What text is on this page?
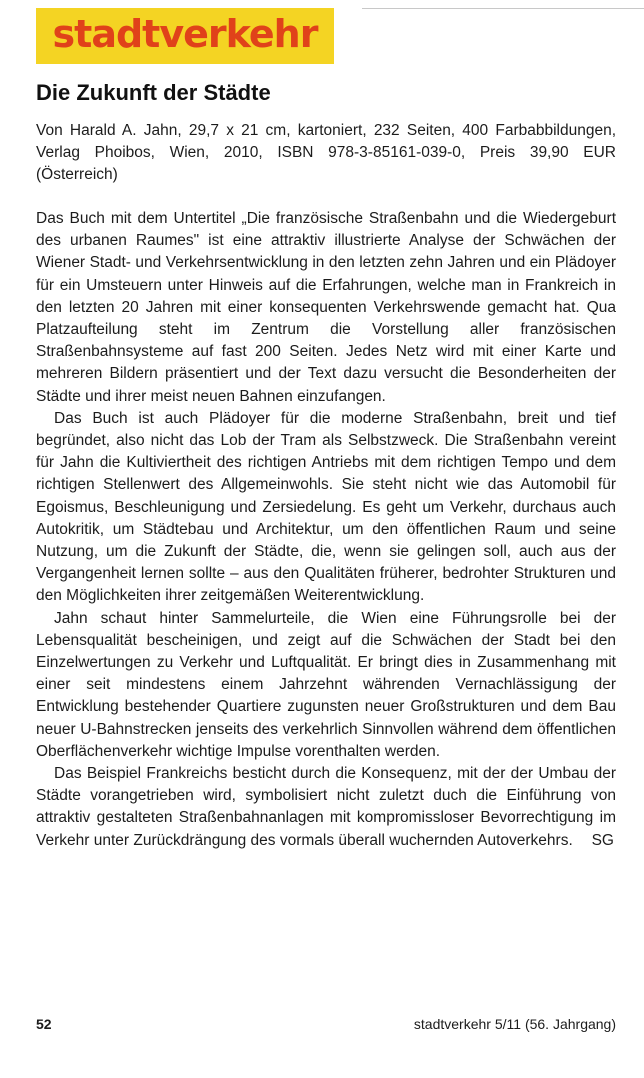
stadtverkehr
Die Zukunft der Städte

Von Harald A. Jahn, 29,7 x 21 cm, kartoniert, 232 Seiten, 400 Farbabbildungen, Verlag Phoibos, Wien, 2010, ISBN 978-3-85161-039-0, Preis 39,90 EUR (Österreich)

Das Buch mit dem Untertitel „Die französische Straßenbahn und die Wiedergeburt des urbanen Raumes" ist eine attraktiv illustrierte Analyse der Schwächen der Wiener Stadt- und Verkehrsentwicklung in den letzten zehn Jahren und ein Plädoyer für ein Umsteuern unter Hinweis auf die Erfahrungen, welche man in Frankreich in den letzten 20 Jahren mit einer konsequenten Verkehrswende gemacht hat. Qua Platzaufteilung steht im Zentrum die Vorstellung aller französischen Straßenbahnsysteme auf fast 200 Seiten. Jedes Netz wird mit einer Karte und mehreren Bildern präsentiert und der Text dazu versucht die Besonderheiten der Städte und ihrer meist neuen Bahnen einzufangen.

Das Buch ist auch Plädoyer für die moderne Straßenbahn, breit und tief begründet, also nicht das Lob der Tram als Selbstzweck. Die Straßenbahn vereint für Jahn die Kultiviertheit des richtigen Antriebs mit dem richtigen Tempo und dem richtigen Stellenwert des Allgemeinwohls. Sie steht nicht wie das Automobil für Egoismus, Beschleunigung und Zersiedelung. Es geht um Verkehr, durchaus auch Autokritik, um Städtebau und Architektur, um den öffentlichen Raum und seine Nutzung, um die Zukunft der Städte, die, wenn sie gelingen soll, auch aus der Vergangenheit lernen sollte – aus den Qualitäten früherer, bedrohter Strukturen und den Möglichkeiten ihrer zeitgemäßen Weiterentwicklung.

Jahn schaut hinter Sammelurteile, die Wien eine Führungsrolle bei der Lebensqualität bescheinigen, und zeigt auf die Schwächen der Stadt bei den Einzelwertungen zu Verkehr und Luftqualität. Er bringt dies in Zusammenhang mit einer seit mindestens einem Jahrzehnt währenden Vernachlässigung der Entwicklung bestehender Quartiere zugunsten neuer Großstrukturen und dem Bau neuer U-Bahnstrecken jenseits des verkehrlich Sinnvollen während dem öffentlichen Oberflächenverkehr wichtige Impulse vorenthalten werden.

Das Beispiel Frankreichs besticht durch die Konsequenz, mit der der Umbau der Städte vorangetrieben wird, symbolisiert nicht zuletzt duch die Einführung von attraktiv gestalteten Straßenbahnanlagen mit kompromissloser Bevorrechtigung im Verkehr unter Zurückdrängung des vormals überall wuchernden Autoverkehrs.	SG

52	stadtverkehr 5/11 (56. Jahrgang)
